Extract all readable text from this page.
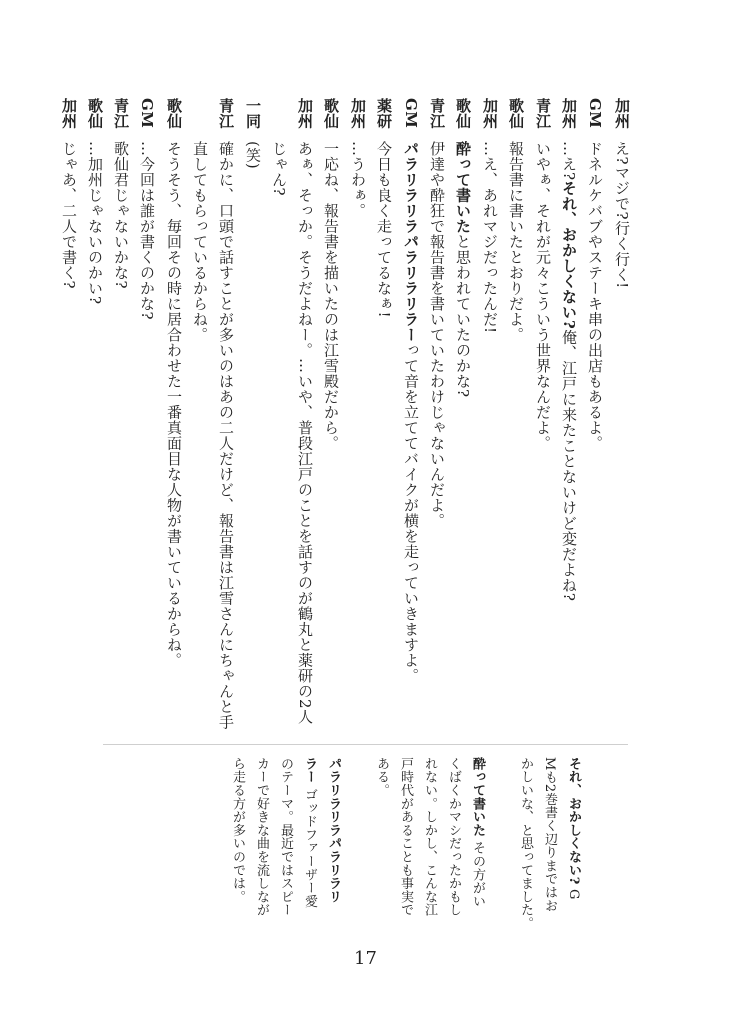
加州え?マジで?行く行く!
GMドネルケバブやステーキ串の出店もあるよ。
加州…え?それ、おかしくない?俺、江戸に来たことないけど変だよね?
青江いやぁ、それが元々こういう世界なんだよ。
歌仙報告書に書いたとおりだよ。
加州…え、あれマジだったんだ!
歌仙酔って書いたと思われていたのかな?
青江伊達や酔狂で報告書を書いていたわけじゃないんだよ。
GMパラリラリラパラリラリラーって音を立ててバイクが横を走っていきますよ。
薬研今日も良く走ってるなぁ!
加州…うわぁ。
歌仙一応ね、報告書を描いたのは江雪殿だから。
加州あぁ、そっか。そうだよねー。…いや、普段江戸のことを話すのが鶴丸と薬研の2人
じゃん?
一同(笑)
青江確かに、口頭で話すことが多いのはあの二人だけど、報告書は江雪さんにちゃんと手
直してもらっているからね。
歌仙そうそう、毎回その時に居合わせた一番真面目な人物が書いているからね。
GM…今回は誰が書くのかな?
青江歌仙君じゃないかな?
歌仙…加州じゃないのかい?
加州じゃあ、二人で書く?
それ、おかしくない? G
Mも2巻書く辺りまではお
かしいな、と思ってました。
酔って書いた その方がい
くばくかマシだったかもし
れない。しかし、こんな江
戸時代があることも事実で
ある。
パラリラリラパラリラリ
ラー ゴッドファーザー愛
のテーマ。最近ではスピー
カーで好きな曲を流しなが
ら走る方が多いのでは。
17
